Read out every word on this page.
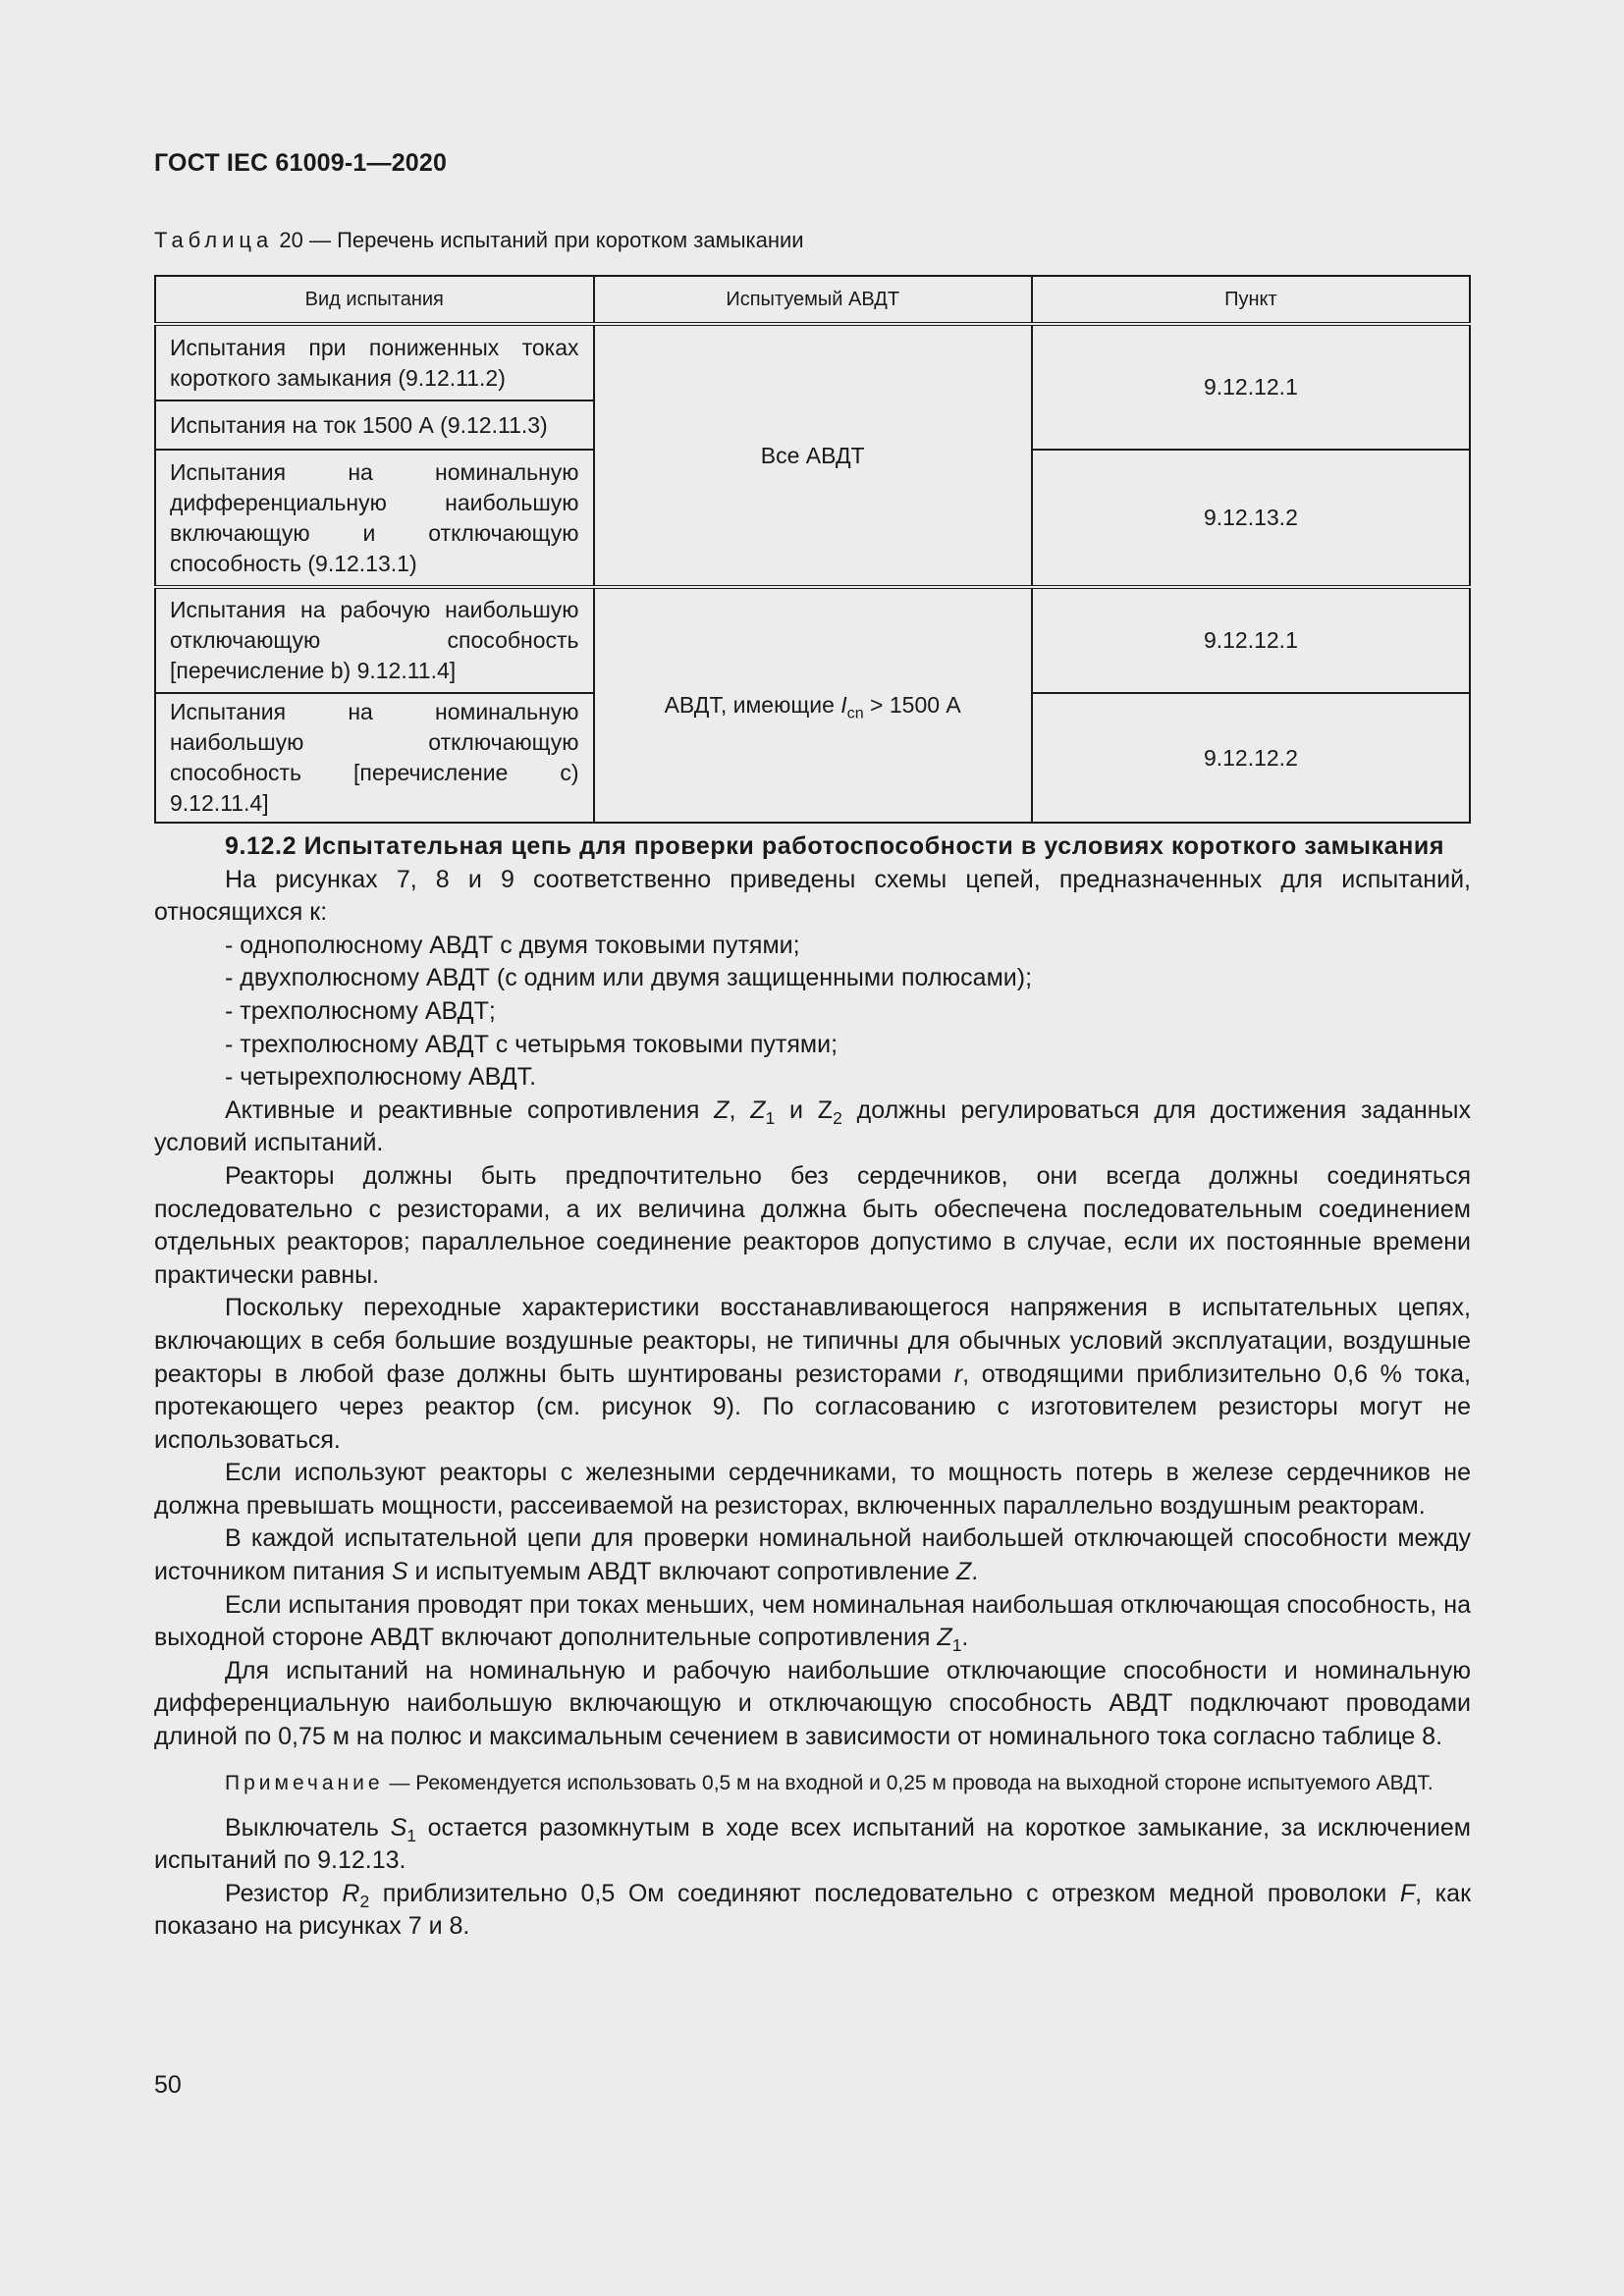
ГОСТ IEC 61009-1—2020
Таблица 20 — Перечень испытаний при коротком замыкании
Вид испытания	Испытуемый АВДТ	Пункт
Испытания при пониженных токах короткого замыкания (9.12.11.2)	Все АВДТ	9.12.12.1
Испытания на ток 1500 А (9.12.11.3)		
Испытания на номинальную дифференциальную наибольшую включающую и отключающую способность (9.12.13.1)		9.12.13.2
Испытания на рабочую наибольшую отключающую способность [перечисление b) 9.12.11.4]	АВДТ, имеющие $I_{cn} > 1500$ А	9.12.12.1
Испытания на номинальную наибольшую отключающую способность [перечисление c) 9.12.11.4]		9.12.12.2

9.12.2 Испытательная цепь для проверки работоспособности в условиях короткого замыкания

На рисунках 7, 8 и 9 соответственно приведены схемы цепей, предназначенных для испытаний, относящихся к:

- однополюсному АВДТ с двумя токовыми путями;

- двухполюсному АВДТ (с одним или двумя защищенными полюсами);

- трехполюсному АВДТ;

- трехполюсному АВДТ с четырьмя токовыми путями;

- четырехполюсному АВДТ.

Активные и реактивные сопротивления Z, $Z_1$ и $Z_2$ должны регулироваться для достижения заданных условий испытаний.

Реакторы должны быть предпочтительно без сердечников, они всегда должны соединяться последовательно с резисторами, а их величина должна быть обеспечена последовательным соединением отдельных реакторов; параллельное соединение реакторов допустимо в случае, если их постоянные времени практически равны.

Поскольку переходные характеристики восстанавливающегося напряжения в испытательных цепях, включающих в себя большие воздушные реакторы, не типичны для обычных условий эксплуатации, воздушные реакторы в любой фазе должны быть шунтированы резисторами r, отводящими приблизительно 0,6 % тока, протекающего через реактор (см. рисунок 9). По согласованию с изготовителем резисторы могут не использоваться.

Если используют реакторы с железными сердечниками, то мощность потерь в железе сердечников не должна превышать мощности, рассеиваемой на резисторах, включенных параллельно воздушным реакторам.

В каждой испытательной цепи для проверки номинальной наибольшей отключающей способности между источником питания S и испытуемым АВДТ включают сопротивление Z.

Если испытания проводят при токах меньших, чем номинальная наибольшая отключающая способность, на выходной стороне АВДТ включают дополнительные сопротивления $Z_1$.

Для испытаний на номинальную и рабочую наибольшие отключающие способности и номинальную дифференциальную наибольшую включающую и отключающую способность АВДТ подключают проводами длиной по 0,75 м на полюс и максимальным сечением в зависимости от номинального тока согласно таблице 8.

Примечание — Рекомендуется использовать 0,5 м на входной и 0,25 м провода на выходной стороне испытуемого АВДТ.

Выключатель $S_1$ остается разомкнутым в ходе всех испытаний на короткое замыкание, за исключением испытаний по 9.12.13.

Резистор $R_2$ приблизительно 0,5 Ом соединяют последовательно с отрезком медной проволоки F, как показано на рисунках 7 и 8.

50
